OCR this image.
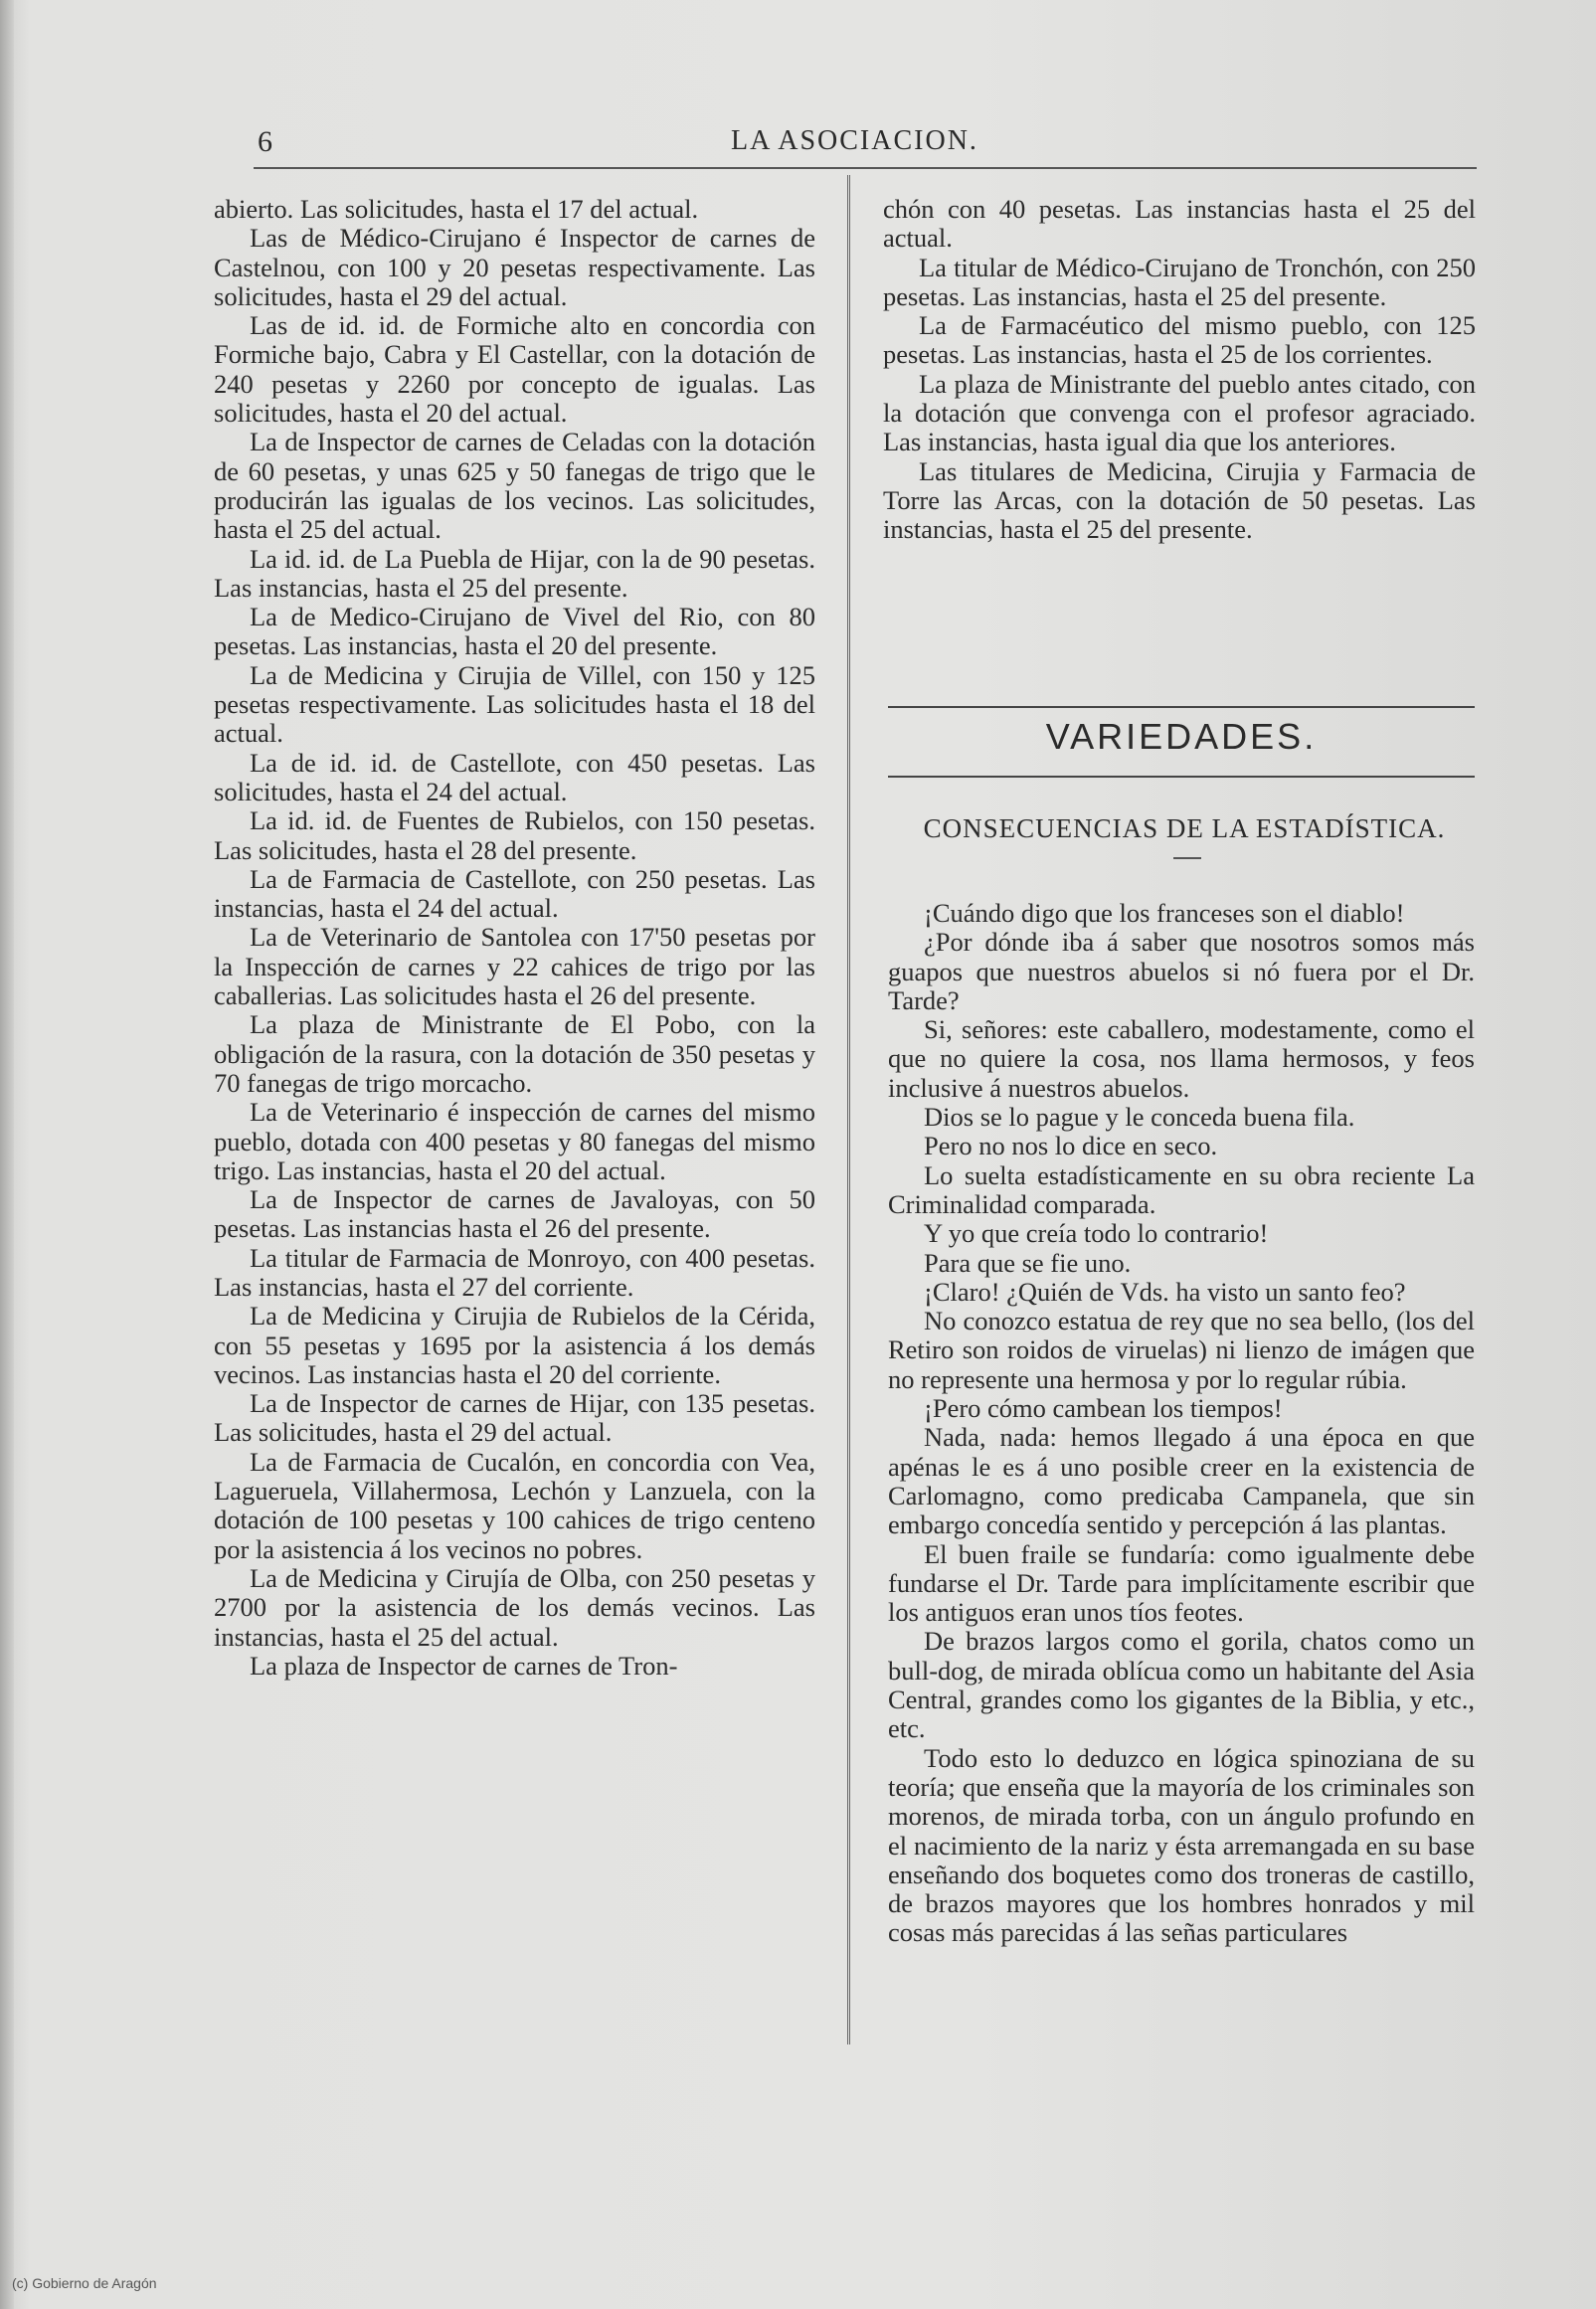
6	LA ASOCIACION.

abierto. Las solicitudes, hasta el 17 del actual.

Las de Médico-Cirujano é Inspector de carnes de Castelnou, con 100 y 20 pesetas respectivamente. Las solicitudes, hasta el 29 del actual.

Las de id. id. de Formiche alto en concordia con Formiche bajo, Cabra y El Castellar, con la dotación de 240 pesetas y 2260 por concepto de igualas. Las solicitudes, hasta el 20 del actual.

La de Inspector de carnes de Celadas con la dotación de 60 pesetas, y unas 625 y 50 fanegas de trigo que le producirán las igualas de los vecinos. Las solicitudes, hasta el 25 del actual.

La id. id. de La Puebla de Hijar, con la de 90 pesetas. Las instancias, hasta el 25 del presente.

La de Medico-Cirujano de Vivel del Rio, con 80 pesetas. Las instancias, hasta el 20 del presente.

La de Medicina y Cirujia de Villel, con 150 y 125 pesetas respectivamente. Las solicitudes hasta el 18 del actual.

La de id. id. de Castellote, con 450 pesetas. Las solicitudes, hasta el 24 del actual.

La id. id. de Fuentes de Rubielos, con 150 pesetas. Las solicitudes, hasta el 28 del presente.

La de Farmacia de Castellote, con 250 pesetas. Las instancias, hasta el 24 del actual.

La de Veterinario de Santolea con 17'50 pesetas por la Inspección de carnes y 22 cahices de trigo por las caballerias. Las solicitudes hasta el 26 del presente.

La plaza de Ministrante de El Pobo, con la obligación de la rasura, con la dotación de 350 pesetas y 70 fanegas de trigo morcacho.

La de Veterinario é inspección de carnes del mismo pueblo, dotada con 400 pesetas y 80 fanegas del mismo trigo. Las instancias, hasta el 20 del actual.

La de Inspector de carnes de Javaloyas, con 50 pesetas. Las instancias hasta el 26 del presente.

La titular de Farmacia de Monroyo, con 400 pesetas. Las instancias, hasta el 27 del corriente.

La de Medicina y Cirujia de Rubielos de la Cérida, con 55 pesetas y 1695 por la asistencia á los demás vecinos. Las instancias hasta el 20 del corriente.

La de Inspector de carnes de Hijar, con 135 pesetas. Las solicitudes, hasta el 29 del actual.

La de Farmacia de Cucalón, en concordia con Vea, Lagueruela, Villahermosa, Lechón y Lanzuela, con la dotación de 100 pesetas y 100 cahices de trigo centeno por la asistencia á los vecinos no pobres.

La de Medicina y Cirujía de Olba, con 250 pesetas y 2700 por la asistencia de los demás vecinos. Las instancias, hasta el 25 del actual.

La plaza de Inspector de carnes de Tron-

chón con 40 pesetas. Las instancias hasta el 25 del actual.

La titular de Médico-Cirujano de Tronchón, con 250 pesetas. Las instancias, hasta el 25 del presente.

La de Farmacéutico del mismo pueblo, con 125 pesetas. Las instancias, hasta el 25 de los corrientes.

La plaza de Ministrante del pueblo antes citado, con la dotación que convenga con el profesor agraciado. Las instancias, hasta igual dia que los anteriores.

Las titulares de Medicina, Cirujia y Farmacia de Torre las Arcas, con la dotación de 50 pesetas. Las instancias, hasta el 25 del presente.

VARIEDADES.
CONSECUENCIAS DE LA ESTADÍSTICA.

¡Cuándo digo que los franceses son el diablo!

¿Por dónde iba á saber que nosotros somos más guapos que nuestros abuelos si nó fuera por el Dr. Tarde?

Si, señores: este caballero, modestamente, como el que no quiere la cosa, nos llama hermosos, y feos inclusive á nuestros abuelos.

Dios se lo pague y le conceda buena fila.

Pero no nos lo dice en seco.

Lo suelta estadísticamente en su obra reciente La Criminalidad comparada.

Y yo que creía todo lo contrario!

Para que se fie uno.

¡Claro! ¿Quién de Vds. ha visto un santo feo?

No conozco estatua de rey que no sea bello, (los del Retiro son roidos de viruelas) ni lienzo de imágen que no represente una hermosa y por lo regular rúbia.

¡Pero cómo cambean los tiempos!

Nada, nada: hemos llegado á una época en que apénas le es á uno posible creer en la existencia de Carlomagno, como predicaba Campanela, que sin embargo concedía sentido y percepción á las plantas.

El buen fraile se fundaría: como igualmente debe fundarse el Dr. Tarde para implícitamente escribir que los antiguos eran unos tíos feotes.

De brazos largos como el gorila, chatos como un bull-dog, de mirada oblícua como un habitante del Asia Central, grandes como los gigantes de la Biblia, y etc., etc.

Todo esto lo deduzco en lógica spinoziana de su teoría; que enseña que la mayoría de los criminales son morenos, de mirada torba, con un ángulo profundo en el nacimiento de la nariz y ésta arremangada en su base enseñando dos boquetes como dos troneras de castillo, de brazos mayores que los hombres honrados y mil cosas más parecidas á las señas particulares

(c) Gobierno de Aragón
